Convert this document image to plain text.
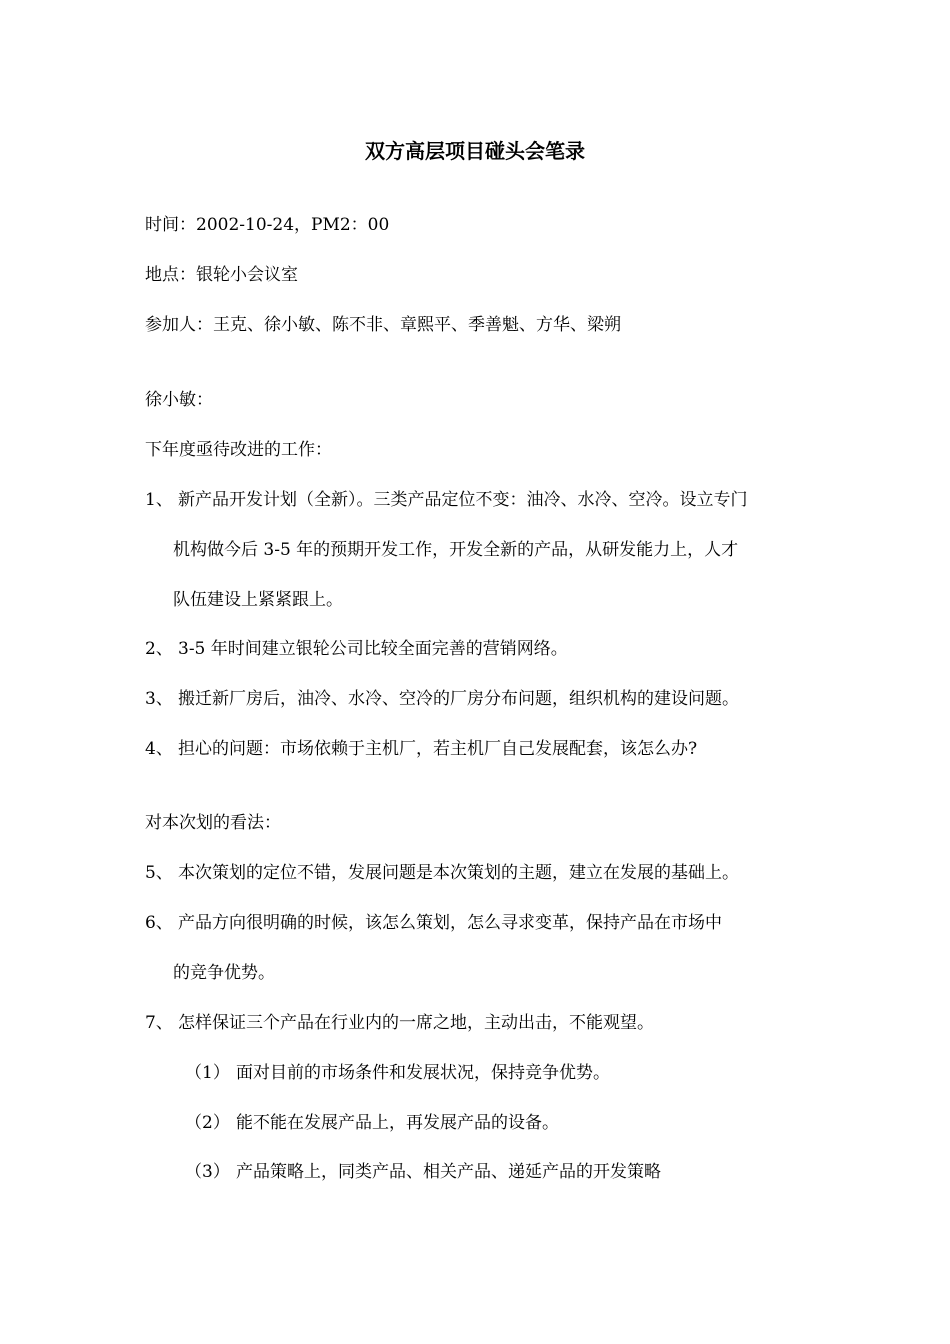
双方高层项目碰头会笔录
时间：2002-10-24，PM2：00
地点：银轮小会议室
参加人：王克、徐小敏、陈不非、章熙平、季善魁、方华、梁朔
徐小敏：
下年度亟待改进的工作：
1、 新产品开发计划（全新）。三类产品定位不变：油冷、水冷、空冷。设立专门
机构做今后 3-5 年的预期开发工作，开发全新的产品，从研发能力上，人才
队伍建设上紧紧跟上。
2、 3-5 年时间建立银轮公司比较全面完善的营销网络。
3、 搬迁新厂房后，油冷、水冷、空冷的厂房分布问题，组织机构的建设问题。
4、 担心的问题：市场依赖于主机厂，若主机厂自己发展配套，该怎么办?
对本次划的看法：
5、 本次策划的定位不错，发展问题是本次策划的主题，建立在发展的基础上。
6、 产品方向很明确的时候，该怎么策划，怎么寻求变革，保持产品在市场中
的竞争优势。
7、 怎样保证三个产品在行业内的一席之地，主动出击，不能观望。
（1） 面对目前的市场条件和发展状况，保持竞争优势。
（2） 能不能在发展产品上，再发展产品的设备。
（3） 产品策略上，同类产品、相关产品、递延产品的开发策略
